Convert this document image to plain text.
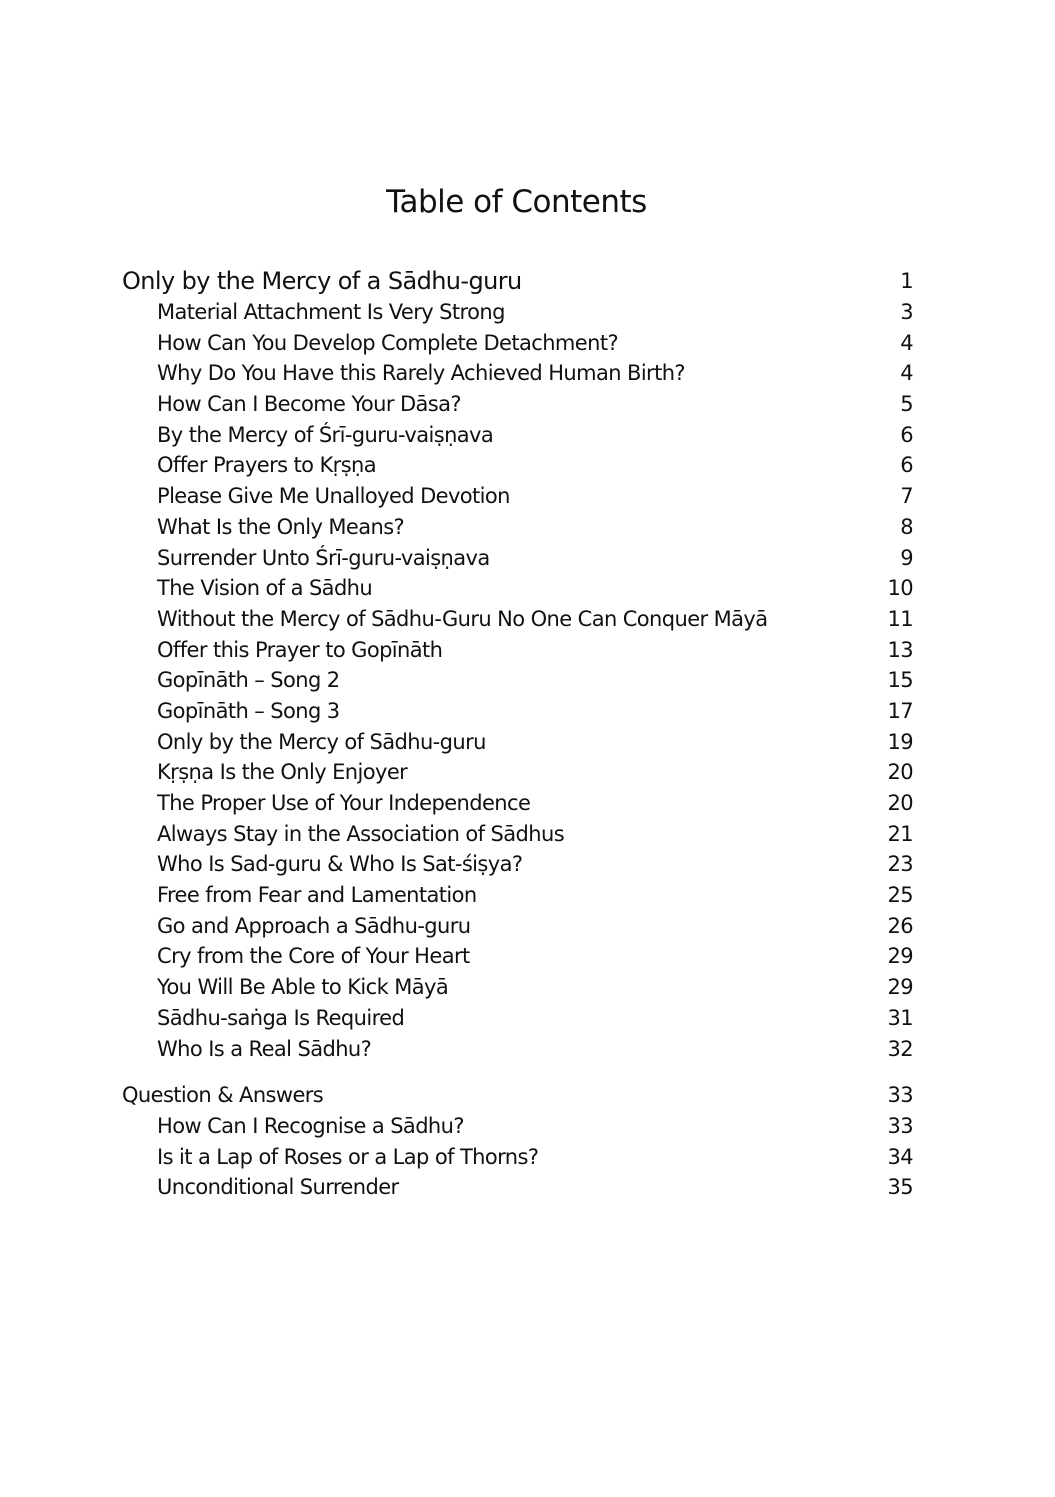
Table of Contents
Only by the Mercy of a Sādhu-guru	1
Material Attachment Is Very Strong	3
How Can You Develop Complete Detachment?	4
Why Do You Have this Rarely Achieved Human Birth?	4
How Can I Become Your Dāsa?	5
By the Mercy of Śrī-guru-vaiṣṇava	6
Offer Prayers to Kṛṣṇa	6
Please Give Me Unalloyed Devotion	7
What Is the Only Means?	8
Surrender Unto Śrī-guru-vaiṣṇava	9
The Vision of a Sādhu	10
Without the Mercy of Sādhu-Guru No One Can Conquer Māyā	11
Offer this Prayer to Gopīnāth	13
Gopīnāth – Song 2	15
Gopīnāth – Song 3	17
Only by the Mercy of Sādhu-guru	19
Kṛṣṇa Is the Only Enjoyer	20
The Proper Use of Your Independence	20
Always Stay in the Association of Sādhus	21
Who Is Sad-guru & Who Is Sat-śiṣya?	23
Free from Fear and Lamentation	25
Go and Approach a Sādhu-guru	26
Cry from the Core of Your Heart	29
You Will Be Able to Kick Māyā	29
Sādhu-saṅga Is Required	31
Who Is a Real Sādhu?	32
Question & Answers	33
How Can I Recognise a Sādhu?	33
Is it a Lap of Roses or a Lap of Thorns?	34
Unconditional Surrender	35
